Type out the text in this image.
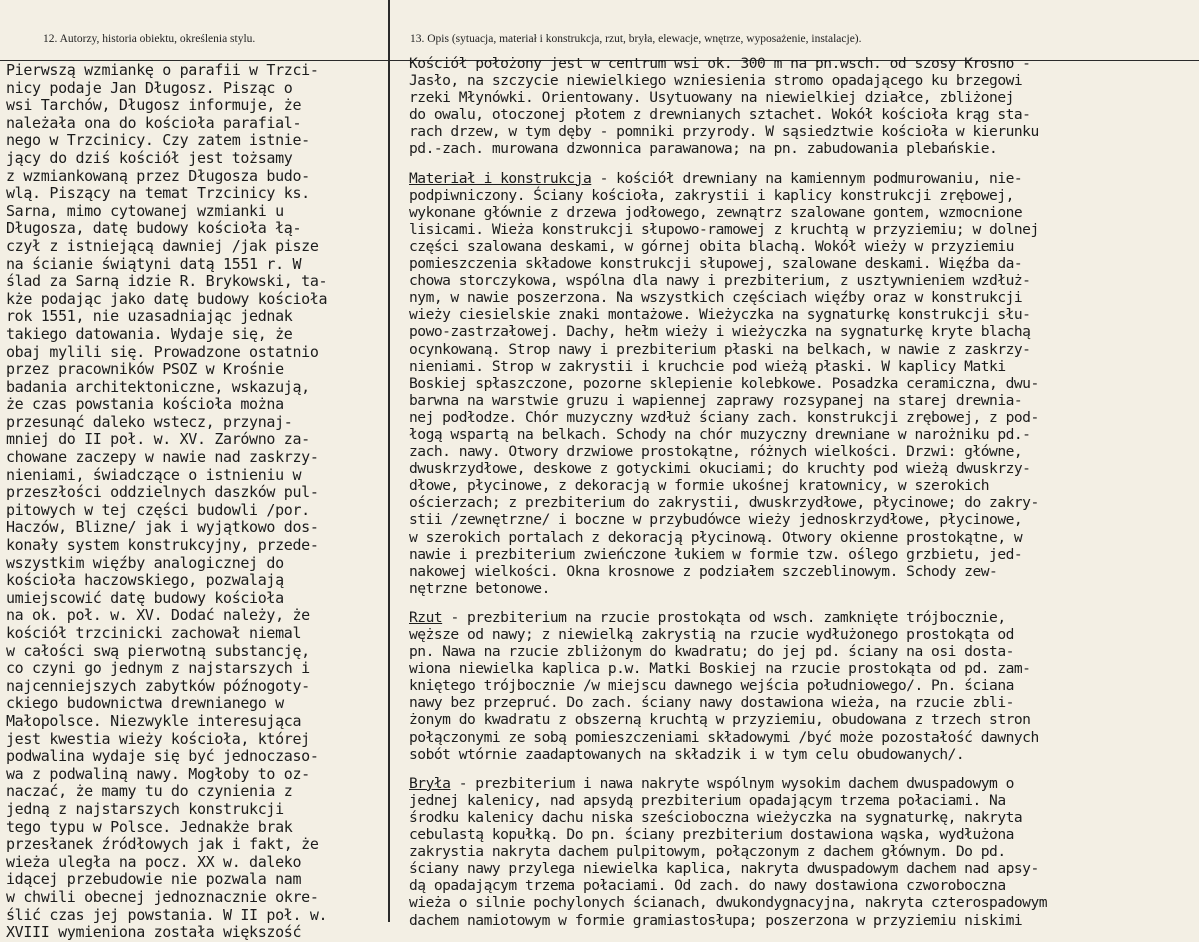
12. Autorzy, historia obiektu, określenia stylu.	13. Opis (sytuacja, materiał i konstrukcja, rzut, bryła, elewacje, wnętrze, wyposażenie, instalacje).
Pierwszą wzmiankę o parafii w Trzci-
nicy podaje Jan Długosz. Pisząc o
wsi Tarchów, Długosz informuje, że
należała ona do kościoła parafial-
nego w Trzcinicy. Czy zatem istnie-
jący do dziś kościół jest tożsamy
z wzmiankowaną przez Długosza budo-
wlą. Piszący na temat Trzcinicy ks.
Sarna, mimo cytowanej wzmianki u
Długosza, datę budowy kościoła łą-
czył z istniejącą dawniej /jak pisze
na ścianie świątyni datą 1551 r. W
ślad za Sarną idzie R. Brykowski, ta-
kże podając jako datę budowy kościoła
rok 1551, nie uzasadniając jednak
takiego datowania. Wydaje się, że
obaj mylili się. Prowadzone ostatnio
przez pracowników PSOZ w Krośnie
badania architektoniczne, wskazują,
że czas powstania kościoła można
przesunąć daleko wstecz, przynaj-
mniej do II poł. w. XV. Zarówno za-
chowane zaczepy w nawie nad zaskrzy-
nieniami, świadczące o istnieniu w
przeszłości oddzielnych daszków pul-
pitowych w tej części budowli /por.
Haczów, Blizne/ jak i wyjątkowo dos-
konały system konstrukcyjny, przede-
wszystkim więźby analogicznej do
kościoła haczowskiego, pozwalają
umiejscowić datę budowy kościoła
na ok. poł. w. XV. Dodać należy, że
kościół trzcinicki zachował niemal
w całości swą pierwotną substancję,
co czyni go jednym z najstarszych i
najcenniejszych zabytków późnogoty-
ckiego budownictwa drewnianego w
Małopolsce. Niezwykle interesująca
jest kwestia wieży kościoła, której
podwalina wydaje się być jednoczaso-
wa z podwaliną nawy. Mogłoby to oz-
naczać, że mamy tu do czynienia z
jedną z najstarszych konstrukcji
tego typu w Polsce. Jednakże brak
przesłanek źródłowych jak i fakt, że
wieża uległa na pocz. XX w. daleko
idącej przebudowie nie pozwala nam
w chwili obecnej jednoznacznie okre-
ślić czas jej powstania. W II poł. w.
XVIII wymieniona została większość
Kościół położony jest w centrum wsi ok. 300 m na pn.wsch. od szosy Krosno -
Jasło, na szczycie niewielkiego wzniesienia stromo opadającego ku brzegowi
rzeki Młynówki. Orientowany. Usytuowany na niewielkiej działce, zbliżonej
do owalu, otoczonej płotem z drewnianych sztachet. Wokół kościoła krąg sta-
rach drzew, w tym dęby - pomniki przyrody. W sąsiedztwie kościoła w kierunku
pd.-zach. murowana dzwonnica parawanowa; na pn. zabudowania plebańskie.
Materiał i konstrukcja - kościół drewniany na kamiennym podmurowaniu, nie-
podpiwniczony. Ściany kościoła, zakrystii i kaplicy konstrukcji zrębowej,
wykonane głównie z drzewa jodłowego, zewnątrz szalowane gontem, wzmocnione
lisicami. Wieża konstrukcji słupowo-ramowej z kruchtą w przyziemiu; w dolnej
części szalowana deskami, w górnej obita blachą. Wokół wieży w przyziemiu
pomieszczenia składowe konstrukcji słupowej, szalowane deskami. Więźba da-
chowa storczykowa, wspólna dla nawy i prezbiterium, z usztywnieniem wzdłuż-
nym, w nawie poszerzona. Na wszystkich częściach więźby oraz w konstrukcji
wieży ciesielskie znaki montażowe. Wieżyczka na sygnaturkę konstrukcji słu-
powo-zastrzałowej. Dachy, hełm wieży i wieżyczka na sygnaturkę kryte blachą
ocynkowaną. Strop nawy i prezbiterium płaski na belkach, w nawie z zaskrzy-
nieniami. Strop w zakrystii i kruchcie pod wieżą płaski. W kaplicy Matki
Boskiej spłaszczone, pozorne sklepienie kolebkowe. Posadzka ceramiczna, dwu-
barwna na warstwie gruzu i wapiennej zaprawy rozsypanej na starej drewnia-
nej podłodze. Chór muzyczny wzdłuż ściany zach. konstrukcji zrębowej, z pod-
łogą wspartą na belkach. Schody na chór muzyczny drewniane w narożniku pd.-
zach. nawy. Otwory drzwiowe prostokątne, różnych wielkości. Drzwi: główne,
dwuskrzydłowe, deskowe z gotyckimi okuciami; do kruchty pod wieżą dwuskrzy-
dłowe, płycinowe, z dekoracją w formie ukośnej kratownicy, w szerokich
ościerzach; z prezbiterium do zakrystii, dwuskrzydłowe, płycinowe; do zakry-
stii /zewnętrzne/ i boczne w przybudówce wieży jednoskrzydłowe, płycinowe,
w szerokich portalach z dekoracją płycinową. Otwory okienne prostokątne, w
nawie i prezbiterium zwieńczone łukiem w formie tzw. oślego grzbietu, jed-
nakowej wielkości. Okna krosnowe z podziałem szczeblinowym. Schody zew-
nętrzne betonowe.
Rzut - prezbiterium na rzucie prostokąta od wsch. zamknięte trójbocznie,
węższe od nawy; z niewielką zakrystią na rzucie wydłużonego prostokąta od
pn. Nawa na rzucie zbliżonym do kwadratu; do jej pd. ściany na osi dosta-
wiona niewielka kaplica p.w. Matki Boskiej na rzucie prostokąta od pd. zam-
kniętego trójbocznie /w miejscu dawnego wejścia południowego/. Pn. ściana
nawy bez przepruć. Do zach. ściany nawy dostawiona wieża, na rzucie zbli-
żonym do kwadratu z obszerną kruchtą w przyziemiu, obudowana z trzech stron
połączonymi ze sobą pomieszczeniami składowymi /być może pozostałość dawnych
sobót wtórnie zaadaptowanych na składzik i w tym celu obudowanych/.
Bryła - prezbiterium i nawa nakryte wspólnym wysokim dachem dwuspadowym o
jednej kalenicy, nad apsydą prezbiterium opadającym trzema połaciami. Na
środku kalenicy dachu niska sześcioboczna wieżyczka na sygnaturkę, nakryta
cebulastą kopułką. Do pn. ściany prezbiterium dostawiona wąska, wydłużona
zakrystia nakryta dachem pulpitowym, połączonym z dachem głównym. Do pd.
ściany nawy przylega niewielka kaplica, nakryta dwuspadowym dachem nad apsy-
dą opadającym trzema połaciami. Od zach. do nawy dostawiona czworoboczna
wieża o silnie pochylonych ścianach, dwukondygnacyjna, nakryta czterospadowym
dachem namiotowym w formie gramiastosłupa; poszerzona w przyziemiu niskimi
